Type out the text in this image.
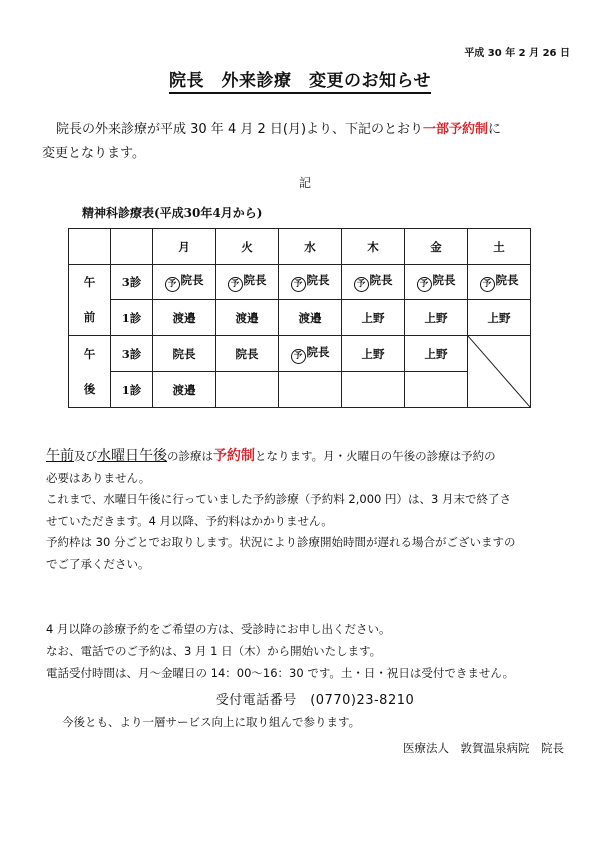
平成 30 年 2 月 26 日
院長　外来診療　変更のお知らせ

院長の外来診療が平成 30 年 4 月 2 日(月)より、下記のとおり一部予約制に

変更となります。

記
精神科診療表(平成30年4月から)
		月	火	水	木	金	土
午	3診	予 院長	予 院長	予 院長	予 院長	予 院長	予 院長
前	1診	渡邉	渡邉	渡邉	上野	上野	上野
午	3診	院長	院長	予 院長	上野	上野	

後	1診	渡邉					

午前及び水曜日午後の診療は予約制となります。月・火曜日の午後の診療は予約の

必要はありません。

これまで、水曜日午後に行っていました予約診療（予約料 2,000 円）は、3 月末で終了さ

せていただきます。4 月以降、予約料はかかりません。

予約枠は 30 分ごとでお取りします。状況により診療開始時間が遅れる場合がございますの

でご了承ください。

4 月以降の診療予約をご希望の方は、受診時にお申し出ください。

なお、電話でのご予約は、3 月 1 日（木）から開始いたします。

電話受付時間は、月～金曜日の 14：00～16：30 です。土・日・祝日は受付できません。

受付電話番号　(0770)23-8210
今後とも、より一層サービス向上に取り組んで参ります。
医療法人　敦賀温泉病院　院長
